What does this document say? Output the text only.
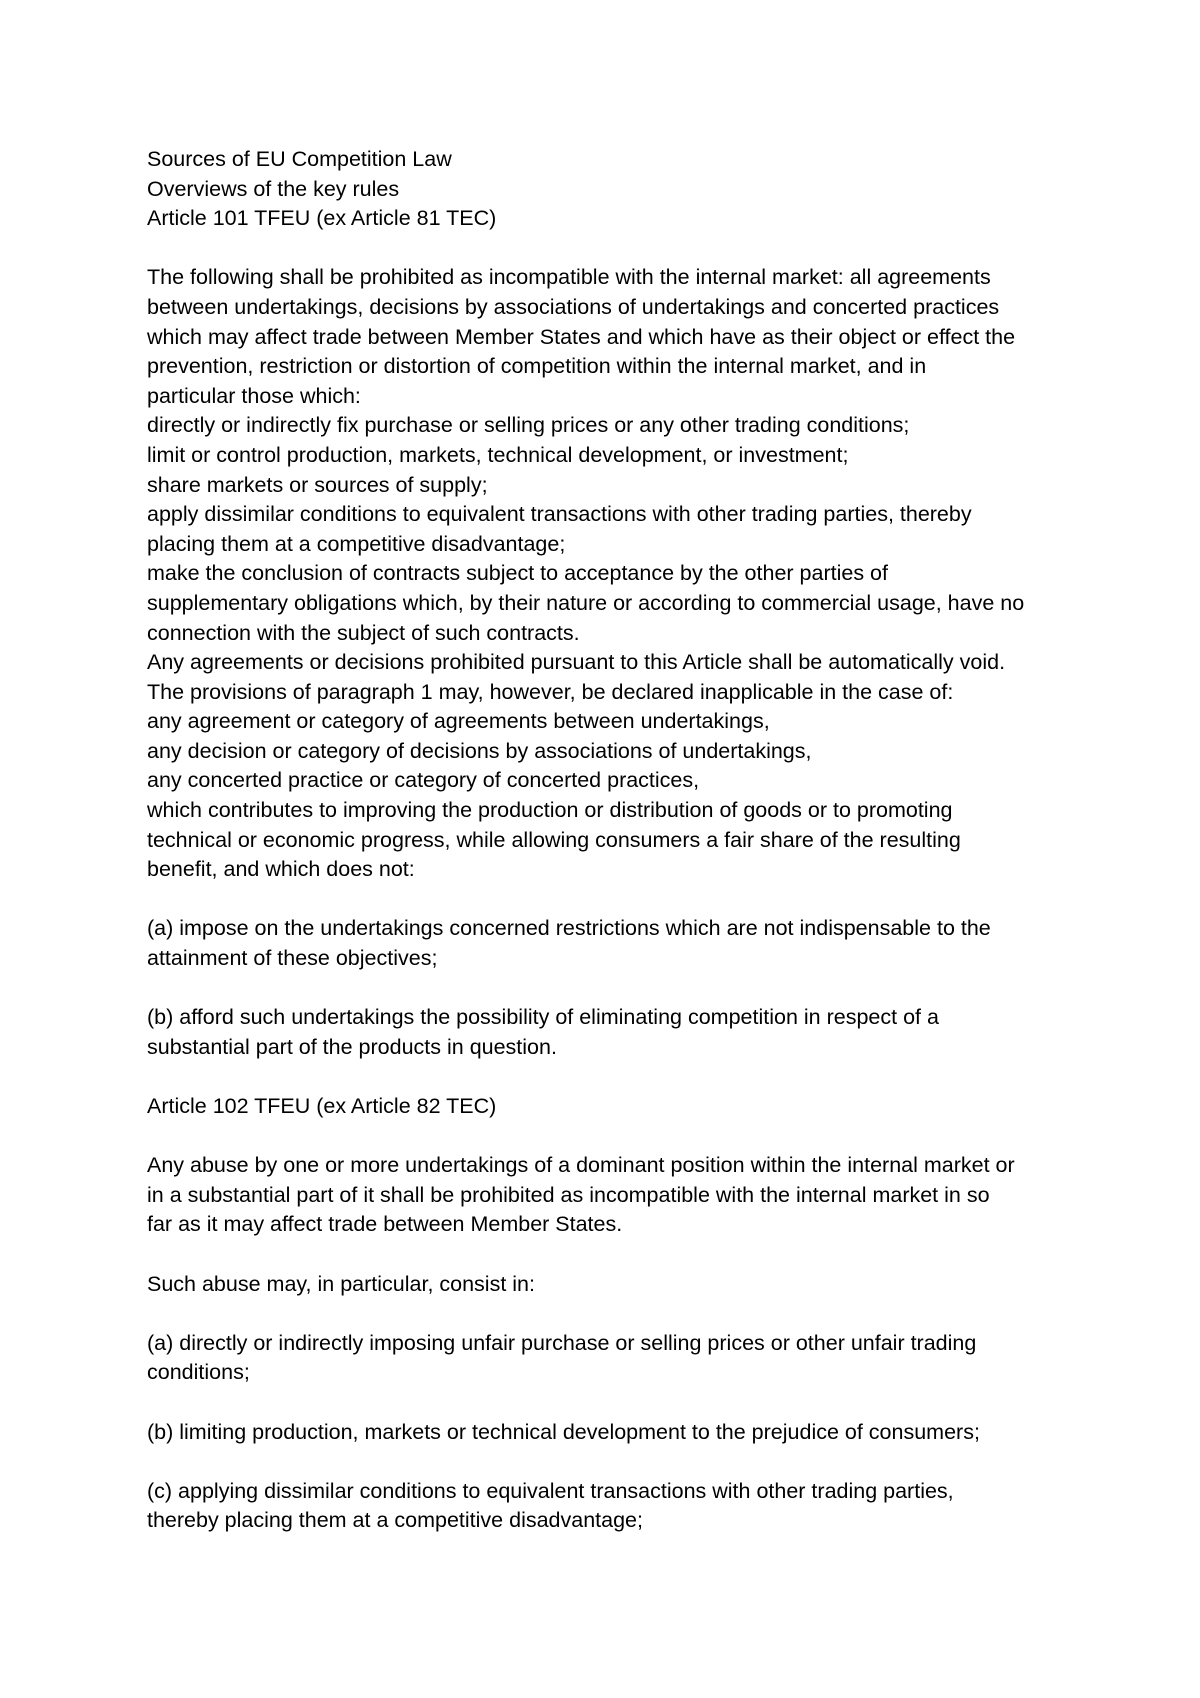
Sources of EU Competition Law
Overviews of the key rules
Article 101 TFEU (ex Article 81 TEC)
The following shall be prohibited as incompatible with the internal market: all agreements
between undertakings, decisions by associations of undertakings and concerted practices
which may affect trade between Member States and which have as their object or effect the
prevention, restriction or distortion of competition within the internal market, and in
particular those which:
directly or indirectly fix purchase or selling prices or any other trading conditions;
limit or control production, markets, technical development, or investment;
share markets or sources of supply;
apply dissimilar conditions to equivalent transactions with other trading parties, thereby
placing them at a competitive disadvantage;
make the conclusion of contracts subject to acceptance by the other parties of
supplementary obligations which, by their nature or according to commercial usage, have no
connection with the subject of such contracts.
Any agreements or decisions prohibited pursuant to this Article shall be automatically void.
The provisions of paragraph 1 may, however, be declared inapplicable in the case of:
any agreement or category of agreements between undertakings,
any decision or category of decisions by associations of undertakings,
any concerted practice or category of concerted practices,
which contributes to improving the production or distribution of goods or to promoting
technical or economic progress, while allowing consumers a fair share of the resulting
benefit, and which does not:
(a) impose on the undertakings concerned restrictions which are not indispensable to the
attainment of these objectives;
(b) afford such undertakings the possibility of eliminating competition in respect of a
substantial part of the products in question.
Article 102 TFEU (ex Article 82 TEC)
Any abuse by one or more undertakings of a dominant position within the internal market or
in a substantial part of it shall be prohibited as incompatible with the internal market in so
far as it may affect trade between Member States.
Such abuse may, in particular, consist in:
(a) directly or indirectly imposing unfair purchase or selling prices or other unfair trading
conditions;
(b) limiting production, markets or technical development to the prejudice of consumers;
(c) applying dissimilar conditions to equivalent transactions with other trading parties,
thereby placing them at a competitive disadvantage;
